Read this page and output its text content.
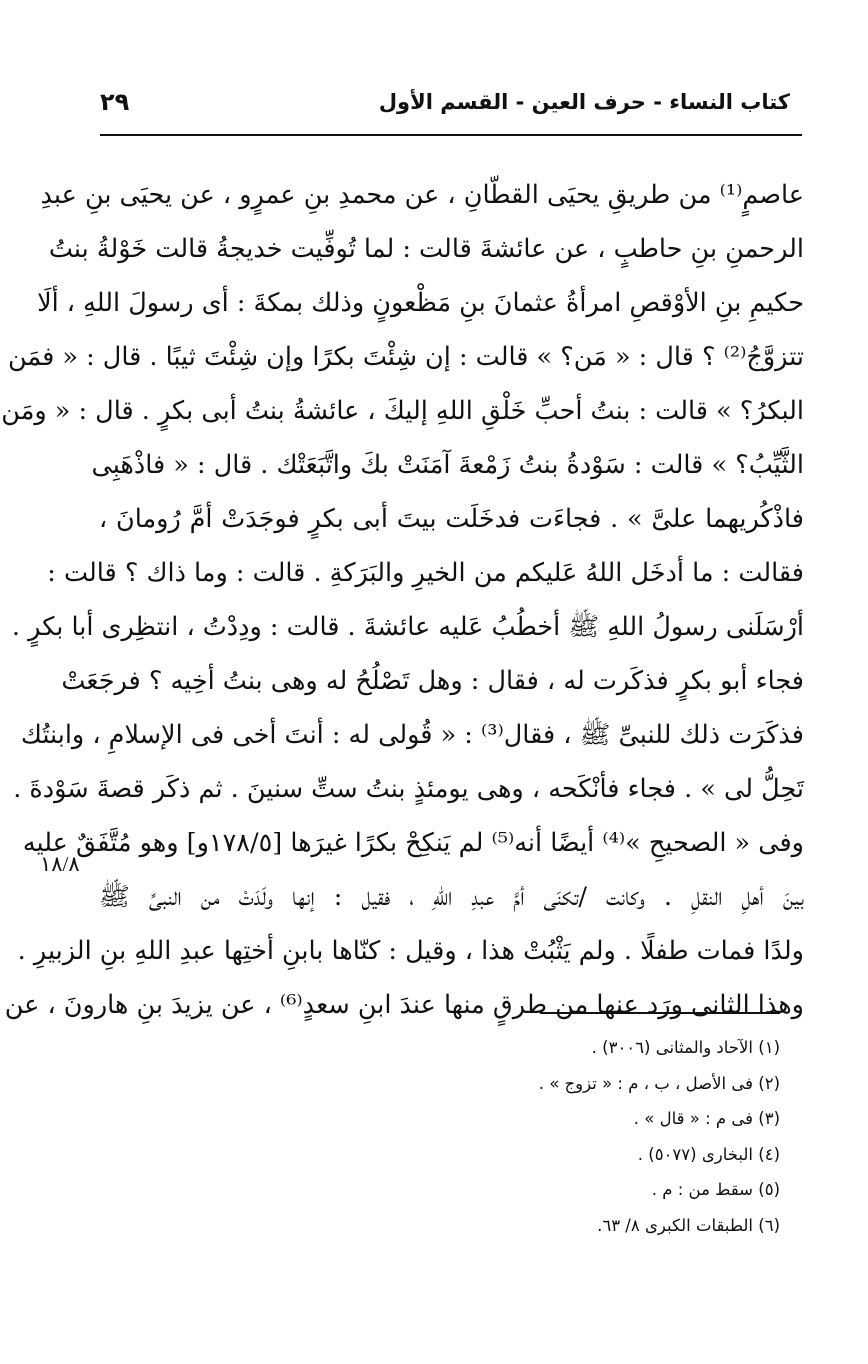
٢٩	كتاب النساء - حرف العين - القسم الأول
عاصمٍ⁽¹⁾ من طريقِ يحيَى القطّانِ ، عن محمدِ بنِ عمرٍو ، عن يحيَى بنِ عبدِ
الرحمنِ بنِ حاطبٍ ، عن عائشةَ قالت : لما تُوفِّيت خديجةُ قالت خَوْلةُ بنتُ
حكيمِ بنِ الأوْقصِ امرأةُ عثمانَ بنِ مَظْعونٍ وذلك بمكةَ : أى رسولَ اللهِ ، ألَا
تتزوَّجُ⁽²⁾ ؟ قال : « مَن؟ » قالت : إن شِئْتَ بكرًا وإن شِئْتَ ثيبًا . قال : « فمَن
البكرُ؟ » قالت : بنتُ أحبِّ خَلْقِ اللهِ إليكَ ، عائشةُ بنتُ أبى بكرٍ . قال : « ومَن
الثَّيِّبُ؟ » قالت : سَوْدةُ بنتُ زَمْعةَ آمَنَتْ بكَ واتَّبَعَتْك . قال : « فاذْهَبِى
فاذْكُريهما علىَّ » . فجاءَت فدخَلَت بيتَ أبى بكرٍ فوجَدَتْ أمَّ رُومانَ ،
فقالت : ما أدخَل اللهُ عَليكم من الخيرِ والبَرَكةِ . قالت : وما ذاك ؟ قالت :
أرْسَلَنى رسولُ اللهِ ﷺ أخطُبُ عَليه عائشةَ . قالت : ودِدْتُ ، انتظِرى أبا بكرٍ .
فجاء أبو بكرٍ فذكَرت له ، فقال : وهل تَصْلُحُ له وهى بنتُ أخِيه ؟ فرجَعَتْ
فذكَرَت ذلك للنبىِّ ﷺ ، فقال⁽³⁾ : « قُولى له : أنتَ أخى فى الإسلامِ ، وابنتُك
تَحِلُّ لى » . فجاء فأنْكَحه ، وهى يومئذٍ بنتُ ستِّ سنينَ . ثم ذكَر قصةَ سَوْدةَ .
وفى « الصحيحِ »⁽⁴⁾ أيضًا أنه⁽⁵⁾ لم يَنكِحْ بكرًا غيرَها [١٧٨/٥و] وهو مُتَّفَقٌ عليه
بينَ أهلِ النقلِ . وكانت /تكنَى أمَّ عبدِ اللهِ ، فقيل : إنها ولَدَتْ من النبىِّ ﷺ
ولدًا فمات طفلًا . ولم يَثْبُتْ هذا ، وقيل : كنّاها بابنِ أختِها عبدِ اللهِ بنِ الزبيرِ .
وهذا الثانى ورَد عنها من طرقٍ منها عندَ ابنِ سعدٍ⁽⁶⁾ ، عن يزيدَ بنِ هارونَ ، عن
١٨/٨
(١) الآحاد والمثانى (٣٠٠٦) .
(٢) فى الأصل ، ب ، م : « تزوج » .
(٣) فى م : « قال » .
(٤) البخارى (٥٠٧٧) .
(٥) سقط من : م .
(٦) الطبقات الكبرى ٨/ ٦٣.
